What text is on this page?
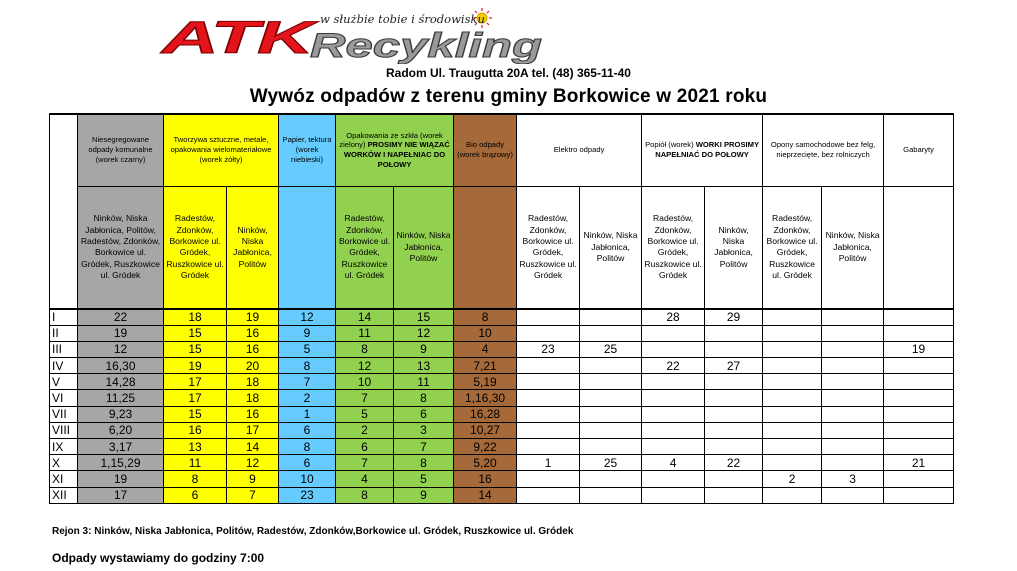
w służbie tobie i środowisku
ATK
Recykling
Radom Ul. Traugutta 20A tel. (48) 365-11-40
Wywóz odpadów z terenu gminy Borkowice w 2021 roku
	Niesegregowane odpady komunalne (worek czarny)	Tworzywa sztuczne, metale, opakowania wielomateriałowe (worek żółty)		Papier, tektura (worek niebieski)	Opakowania ze szkła (worek zielony) PROSIMY NIE WIĄZAĆ WORKÓW I NAPEŁNIAC DO POŁOWY		Bio odpady (worek brązowy)	Elektro odpady		Popiół (worek) WORKI PROSIMY NAPEŁNIAĆ DO POŁOWY		Opony samochodowe bez felg, nieprzecięte, bez rolniczych		Gabaryty
	Ninków, Niska Jabłonica, Politów, Radestów, Zdonków, Borkowice ul. Gródek, Ruszkowice ul. Gródek	Radestów, Zdonków, Borkowice ul. Gródek, Ruszkowice ul. Gródek	Ninków, Niska Jabłonica, Politów		Radestów, Zdonków, Borkowice ul. Gródek, Ruszkowice ul. Gródek	Ninków, Niska Jabłonica, Politów		Radestów, Zdonków, Borkowice ul. Gródek, Ruszkowice ul. Gródek	Ninków, Niska Jabłonica, Politów	Radestów, Zdonków, Borkowice ul. Gródek, Ruszkowice ul. Gródek	Ninków, Niska Jabłonica, Politów	Radestów, Zdonków, Borkowice ul. Gródek, Ruszkowice ul. Gródek	Ninków, Niska Jabłonica, Politów	
I	22	18	19	12	14	15	8			28	29			
II	19	15	16	9	11	12	10							
III	12	15	16	5	8	9	4	23	25					19
IV	16,30	19	20	8	12	13	7,21			22	27			
V	14,28	17	18	7	10	11	5,19							
VI	11,25	17	18	2	7	8	1,16,30							
VII	9,23	15	16	1	5	6	16,28							
VIII	6,20	16	17	6	2	3	10,27							
IX	3,17	13	14	8	6	7	9,22							
X	1,15,29	11	12	6	7	8	5,20	1	25	4	22			21
XI	19	8	9	10	4	5	16					2	3	
XII	17	6	7	23	8	9	14							
Rejon 3: Ninków, Niska Jabłonica, Politów, Radestów, Zdonków,Borkowice ul. Gródek, Ruszkowice ul. Gródek
Odpady wystawiamy do godziny 7:00
